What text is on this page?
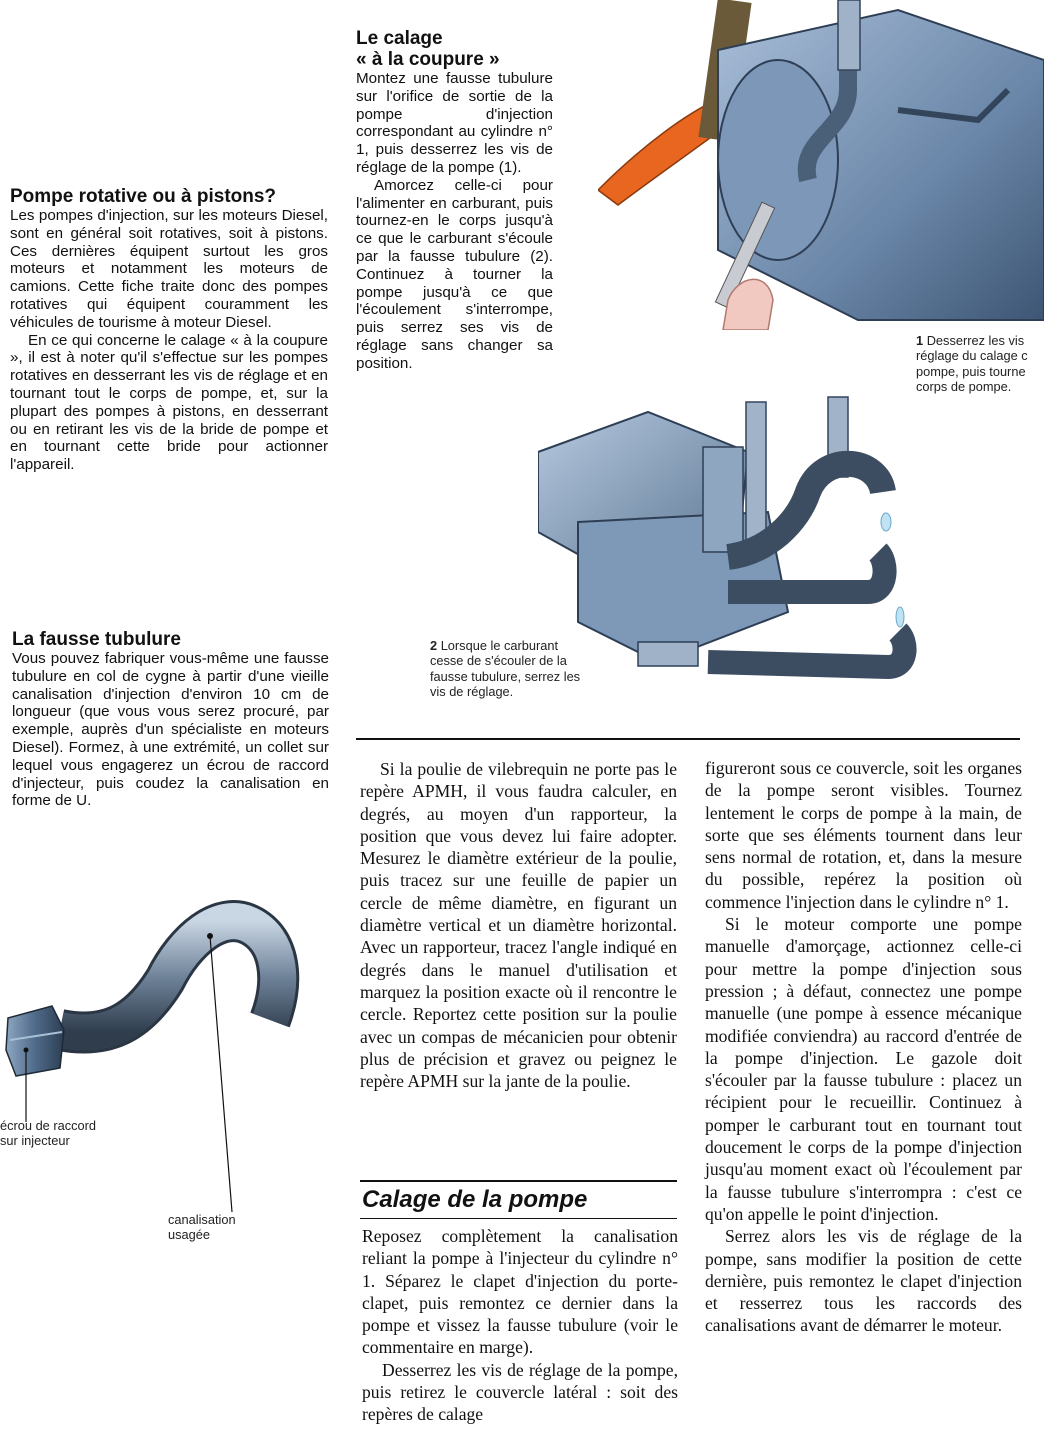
Pompe rotative ou à pistons?

Les pompes d'injection, sur les moteurs Diesel, sont en général soit rotatives, soit à pistons. Ces dernières équipent surtout les gros moteurs et notamment les moteurs de camions. Cette fiche traite donc des pompes rotatives qui équipent couramment les véhicules de tourisme à moteur Diesel.

En ce qui concerne le calage « à la coupure », il est à noter qu'il s'effectue sur les pompes rotatives en desserrant les vis de réglage et en tournant tout le corps de pompe, et, sur la plupart des pompes à pistons, en desserrant ou en retirant les vis de la bride de pompe et en tournant cette bride pour actionner l'appareil.

La fausse tubulure

Vous pouvez fabriquer vous-même une fausse tubulure en col de cygne à partir d'une vieille canalisation d'injection d'environ 10 cm de longueur (que vous vous serez procuré, par exemple, auprès d'un spécialiste en moteurs Diesel). Formez, à une extrémité, un collet sur lequel vous engagerez un écrou de raccord d'injecteur, puis coudez la canalisation en forme de U.

écrou de raccord
sur injecteur
canalisation
usagée
Le calage
« à la coupure »

Montez une fausse tubulure sur l'orifice de sortie de la pompe d'injection correspondant au cylindre n° 1, puis desserrez les vis de réglage de la pompe (1).

Amorcez celle-ci pour l'alimenter en carburant, puis tournez-en le corps jusqu'à ce que le carburant s'écoule par la fausse tubulure (2). Continuez à tourner la pompe jusqu'à ce que l'écoulement s'interrompe, puis serrez ses vis de réglage sans changer sa position.

1 Desserrez les vis
réglage du calage c
pompe, puis tourne
corps de pompe.
2 Lorsque le carburant
cesse de s'écouler de la
fausse tubulure, serrez les
vis de réglage.

Si la poulie de vilebrequin ne porte pas le repère APMH, il vous faudra calculer, en degrés, au moyen d'un rapporteur, la position que vous devez lui faire adopter. Mesurez le diamètre extérieur de la poulie, puis tracez sur une feuille de papier un cercle de même diamètre, en figurant un diamètre vertical et un diamètre horizontal. Avec un rapporteur, tracez l'angle indiqué en degrés dans le manuel d'utilisation et marquez la position exacte où il rencontre le cercle. Reportez cette position sur la poulie avec un compas de mécanicien pour obtenir plus de précision et gravez ou peignez le repère APMH sur la jante de la poulie.

Calage de la pompe

Reposez complètement la canalisation reliant la pompe à l'injecteur du cylindre n° 1. Séparez le clapet d'injection du porte-clapet, puis remontez ce dernier dans la pompe et vissez la fausse tubulure (voir le commentaire en marge).

Desserrez les vis de réglage de la pompe, puis retirez le couvercle latéral : soit des repères de calage

figureront sous ce couvercle, soit les organes de la pompe seront visibles. Tournez lentement le corps de pompe à la main, de sorte que ses éléments tournent dans leur sens normal de rotation, et, dans la mesure du possible, repérez la position où commence l'injection dans le cylindre n° 1.

Si le moteur comporte une pompe manuelle d'amorçage, actionnez celle-ci pour mettre la pompe d'injection sous pression ; à défaut, connectez une pompe manuelle (une pompe à essence mécanique modifiée conviendra) au raccord d'entrée de la pompe d'injection. Le gazole doit s'écouler par la fausse tubulure : placez un récipient pour le recueillir. Continuez à pomper le carburant tout en tournant tout doucement le corps de la pompe d'injection jusqu'au moment exact où l'écoulement par la fausse tubulure s'interrompra : c'est ce qu'on appelle le point d'injection.

Serrez alors les vis de réglage de la pompe, sans modifier la position de cette dernière, puis remontez le clapet d'injection et resserrez tous les raccords des canalisations avant de démarrer le moteur.
